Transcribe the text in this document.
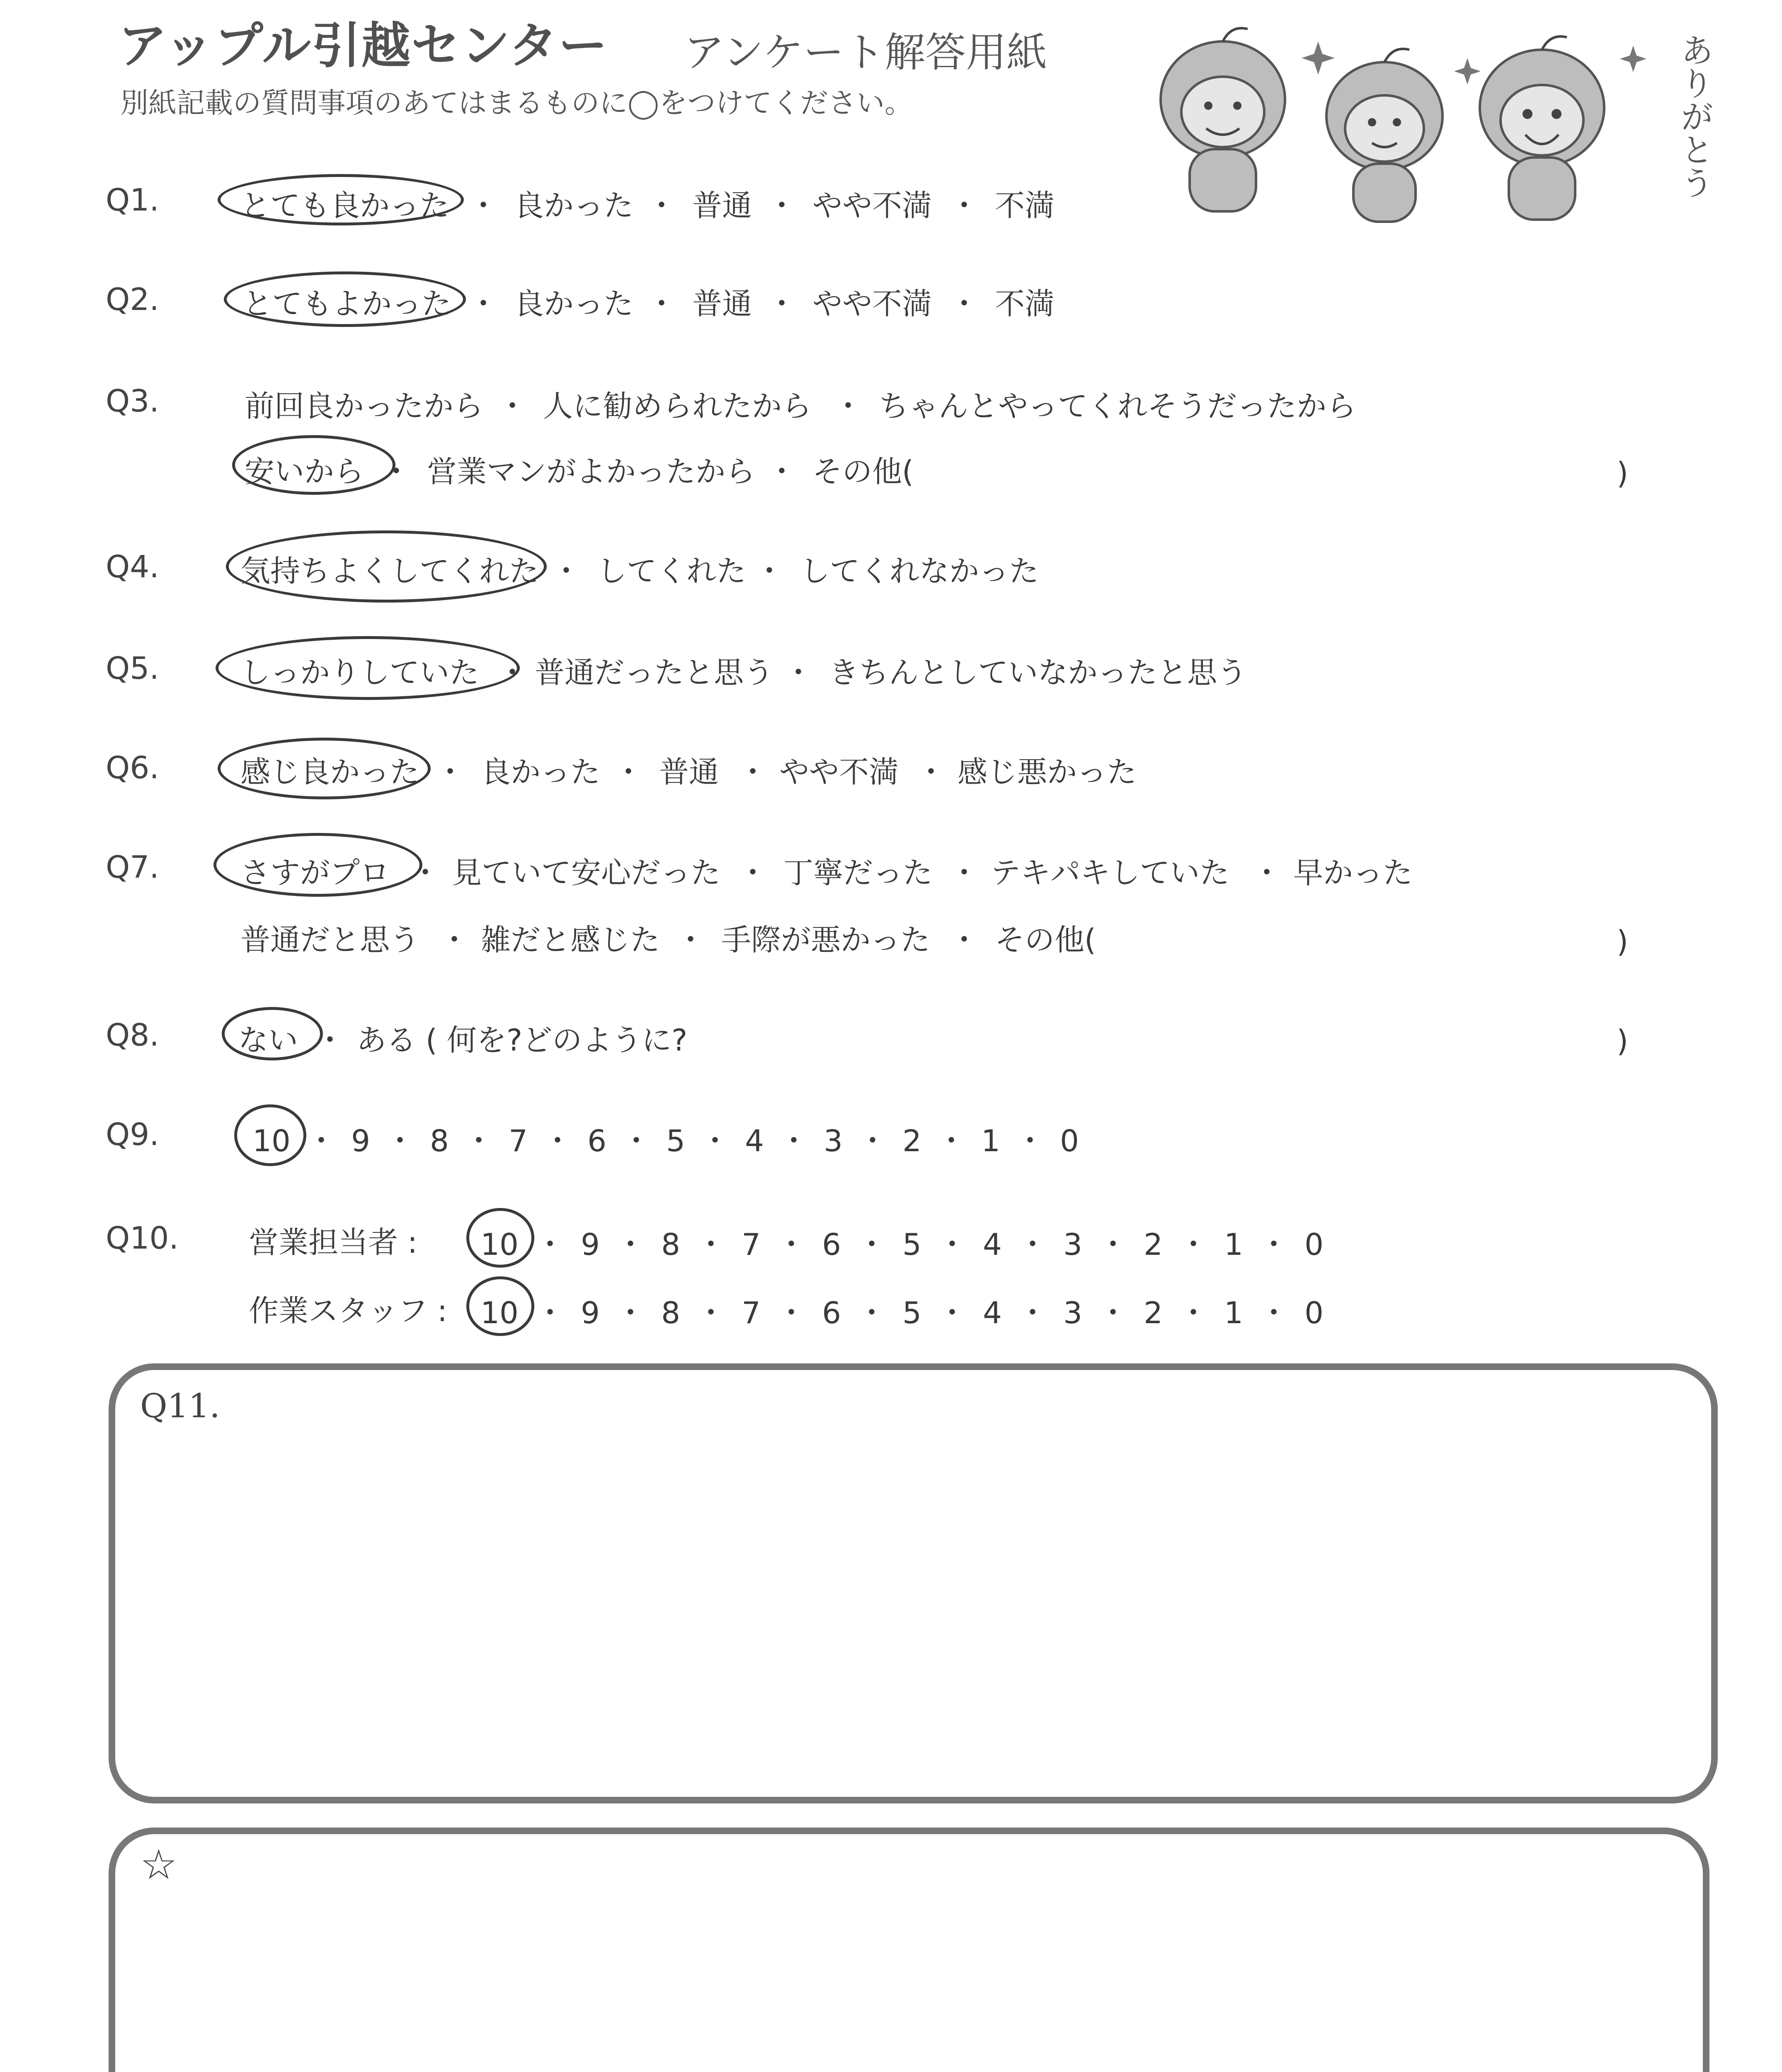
アップル引越センター アンケート解答用紙
別紙記載の質問事項のあてはまるものに◯をつけてください。	ありがとう
Q1.	とても良かった ・ 良かった ・ 普通 ・ やや不満 ・ 不満
Q2.	とてもよかった ・ 良かった ・ 普通 ・ やや不満 ・ 不満
Q3.	前回良かったから ・ 人に勧められたから ・ ちゃんとやってくれそうだったから
安いから ・ 営業マンがよかったから ・ その他(	)
Q4.	気持ちよくしてくれた ・ してくれた ・ してくれなかった
Q5.	しっかりしていた ・ 普通だったと思う ・ きちんとしていなかったと思う
Q6.	感じ良かった ・ 良かった ・ 普通 ・ やや不満 ・ 感じ悪かった
Q7.	さすがプロ ・ 見ていて安心だった ・ 丁寧だった ・ テキパキしていた ・ 早かった
普通だと思う ・ 雑だと感じた ・ 手際が悪かった ・ その他(	)
Q8.	ない ・ ある ( 何を?どのように?	)
Q9.	10 ・ 9 ・ 8 ・ 7 ・ 6 ・ 5 ・ 4 ・ 3 ・ 2 ・ 1 ・ 0
Q10. 営業担当者 : 10 ・ 9 ・ 8 ・ 7 ・ 6 ・ 5 ・ 4 ・ 3 ・ 2 ・ 1 ・ 0
作業スタッフ : 10 ・ 9 ・ 8 ・ 7 ・ 6 ・ 5 ・ 4 ・ 3 ・ 2 ・ 1 ・ 0
Q11.
☆
